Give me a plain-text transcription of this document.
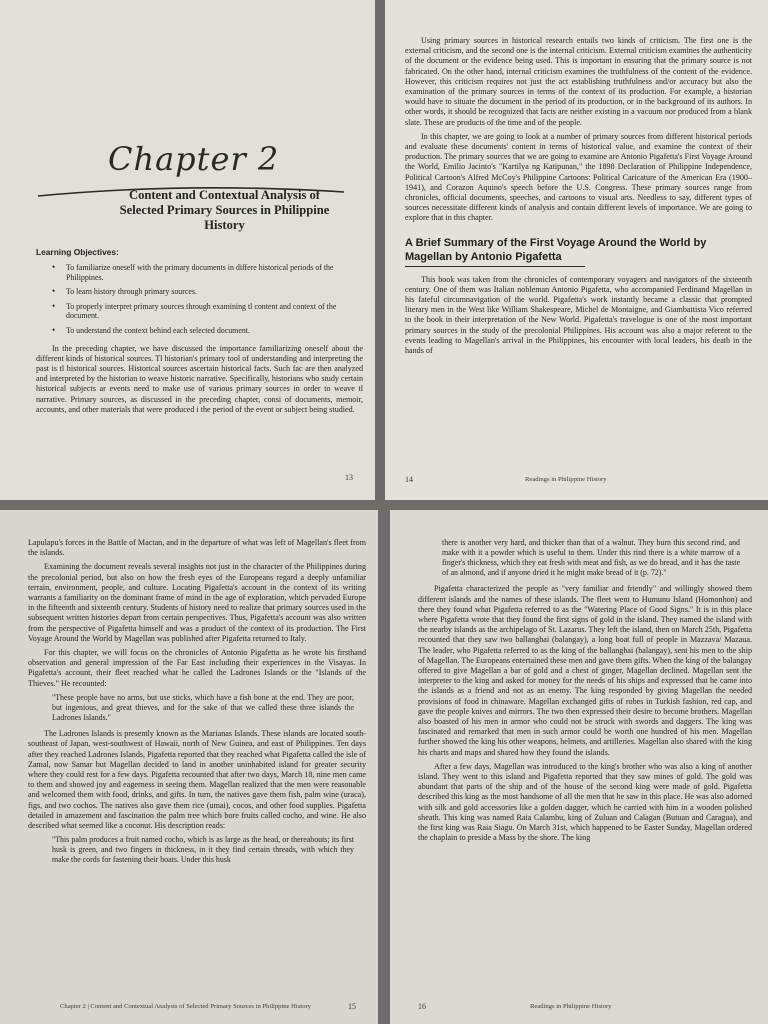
Chapter 2
Content and Contextual Analysis of Selected Primary Sources in Philippine History
Learning Objectives:
• To familiarize oneself with the primary documents in differe historical periods of the Philippines.
• To learn history through primary sources.
• To properly interpret primary sources through examining tl content and context of the document.
• To understand the context behind each selected document.

In the preceding chapter, we have discussed the importance familiarizing oneself about the different kinds of historical sources. Tl historian's primary tool of understanding and interpreting the past is tl historical sources. Historical sources ascertain historical facts. Such fac are then analyzed and interpreted by the historian to weave historic narrative. Specifically, historians who study certain historical subjects ar events need to make use of various primary sources in order to weave tl narrative. Primary sources, as discussed in the preceding chapter, consi of documents, memoir, accounts, and other materials that were produced i the period of the event or subject being studied.

13

Using primary sources in historical research entails two kinds of criticism. The first one is the external criticism, and the second one is the internal criticism. External criticism examines the authenticity of the document or the evidence being used. This is important in ensuring that the primary source is not fabricated. On the other hand, internal criticism examines the truthfulness of the content of the evidence. However, this criticism requires not just the act establishing truthfulness and/or accuracy but also the examination of the primary sources in terms of the context of its production. For example, a historian would have to situate the document in the period of its production, or in the background of its authors. In other words, it should be recognized that facts are neither existing in a vacuum nor produced from a blank slate. These are products of the time and of the people.

In this chapter, we are going to look at a number of primary sources from different historical periods and evaluate these documents' content in terms of historical value, and examine the context of their production. The primary sources that we are going to examine are Antonio Pigafetta's First Voyage Around the World, Emilio Jacinto's "Kartilya ng Katipunan," the 1898 Declaration of Philippine Independence, Political Cartoon's Alfred McCoy's Philippine Cartoons: Political Caricature of the American Era (1900–1941), and Corazon Aquino's speech before the U.S. Congress. These primary sources range from chronicles, official documents, speeches, and cartoons to visual arts. Needless to say, different types of sources necessitate different kinds of analysis and contain different levels of importance. We are going to explore that in this chapter.

A Brief Summary of the First Voyage Around the World by Magellan by Antonio Pigafetta

This book was taken from the chronicles of contemporary voyagers and navigators of the sixteenth century. One of them was Italian nobleman Antonio Pigafetta, who accompanied Ferdinand Magellan in his fateful circumnavigation of the world. Pigafetta's work instantly became a classic that prompted literary men in the West like William Shakespeare, Michel de Montaigne, and Giambattista Vico referred to the book in their interpretation of the New World. Pigafetta's travelogue is one of the most important primary sources in the study of the precolonial Philippines. His account was also a major referent to the events leading to Magellan's arrival in the Philippines, his encounter with local leaders, his death in the hands of

14	Readings in Philippine History

Lapulapu's forces in the Battle of Mactan, and in the departure of what was left of Magellan's fleet from the islands.

Examining the document reveals several insights not just in the character of the Philippines during the precolonial period, but also on how the fresh eyes of the Europeans regard a deeply unfamiliar terrain, environment, people, and culture. Locating Pigafetta's account in the context of its writing warrants a familiarity on the dominant frame of mind in the age of exploration, which pervaded Europe in the fifteenth and sixteenth century. Students of history need to realize that primary sources used in the subsequent written histories depart from certain perspectives. Thus, Pigafetta's account was also written from the perspective of Pigafetta himself and was a product of the context of its production. The First Voyage Around the World by Magellan was published after Pigafetta returned to Italy.

For this chapter, we will focus on the chronicles of Antonio Pigafetta as he wrote his firsthand observation and general impression of the Far East including their experiences in the Visayas. In Pigafetta's account, their fleet reached what he called the Ladrones Islands or the "Islands of the Thieves." He recounted:

"These people have no arms, but use sticks, which have a fish bone at the end. They are poor, but ingenious, and great thieves, and for the sake of that we called these three islands the Ladrones Islands."

The Ladrones Islands is presently known as the Marianas Islands. These islands are located south-southeast of Japan, west-southwest of Hawaii, north of New Guinea, and east of Philippines. Ten days after they reached Ladrones Islands, Pigafetta reported that they reached what Pigafetta called the isle of Zamal, now Samar but Magellan decided to land in another uninhabited island for greater security where they could rest for a few days. Pigafetta recounted that after two days, March 18, nine men came to them and showed joy and eagerness in seeing them. Magellan realized that the men were reasonable and welcomed them with food, drinks, and gifts. In turn, the natives gave them fish, palm wine (uraca), figs, and two cochos. The natives also gave them rice (umai), cocos, and other food supplies. Pigafetta detailed in amazement and fascination the palm tree which bore fruits called cocho, and wine. He also described what seemed like a coconut. His description reads:

"This palm produces a fruit named cocho, which is as large as the head, or thereabouts; its first husk is green, and two fingers in thickness, in it they find certain threads, with which they make the cords for fastening their boats. Under this husk

Chapter 2 | Content and Contextual Analysis of Selected Primary Sources in Philippine History	15

there is another very hard, and thicker than that of a walnut. They burn this second rind, and make with it a powder which is useful to them. Under this rind there is a white marrow of a finger's thickness, which they eat fresh with meat and fish, as we do bread, and it has the taste of an almond, and if anyone dried it he might make bread of it (p. 72)."

Pigafetta characterized the people as "very familiar and friendly" and willingly showed them different islands and the names of these islands. The fleet went to Humunu Island (Homonhon) and there they found what Pigafetta referred to as the "Watering Place of Good Signs." It is in this place where Pigafetta wrote that they found the first signs of gold in the island. They named the island with the nearby islands as the archipelago of St. Lazarus. They left the island, then on March 25th, Pigafetta recounted that they saw two ballanghai (balangay), a long boat full of people in Mazzava/ Mazaua. The leader, who Pigafetta referred to as the king of the ballanghai (balangay), sent his men to the ship of Magellan. The Europeans entertained these men and gave them gifts. When the king of the balangay offered to give Magellan a bar of gold and a chest of ginger, Magellan declined. Magellan sent the interpreter to the king and asked for money for the needs of his ships and expressed that he came into the islands as a friend and not as an enemy. The king responded by giving Magellan the needed provisions of food in chinaware. Magellan exchanged gifts of robes in Turkish fashion, red cap, and gave the people knives and mirrors. The two then expressed their desire to become brothers. Magellan also boasted of his men in armor who could not be struck with swords and daggers. The king was fascinated and remarked that men in such armor could be worth one hundred of his men. Magellan further showed the king his other weapons, helmets, and artilleries. Magellan also shared with the king his charts and maps and shared how they found the islands.

After a few days, Magellan was introduced to the king's brother who was also a king of another island. They went to this island and Pigafetta reported that they saw mines of gold. The gold was abundant that parts of the ship and of the house of the second king were made of gold. Pigafetta described this king as the most handsome of all the men that he saw in this place. He was also adorned with silk and gold accessories like a golden dagger, which he carried with him in a wooden polished sheath. This king was named Raia Calambu, king of Zuluan and Calagan (Butuan and Caragua), and the first king was Raia Siagu. On March 31st, which happened to be Easter Sunday, Magellan ordered the chaplain to preside a Mass by the shore. The king

16	Readings in Philippine History
